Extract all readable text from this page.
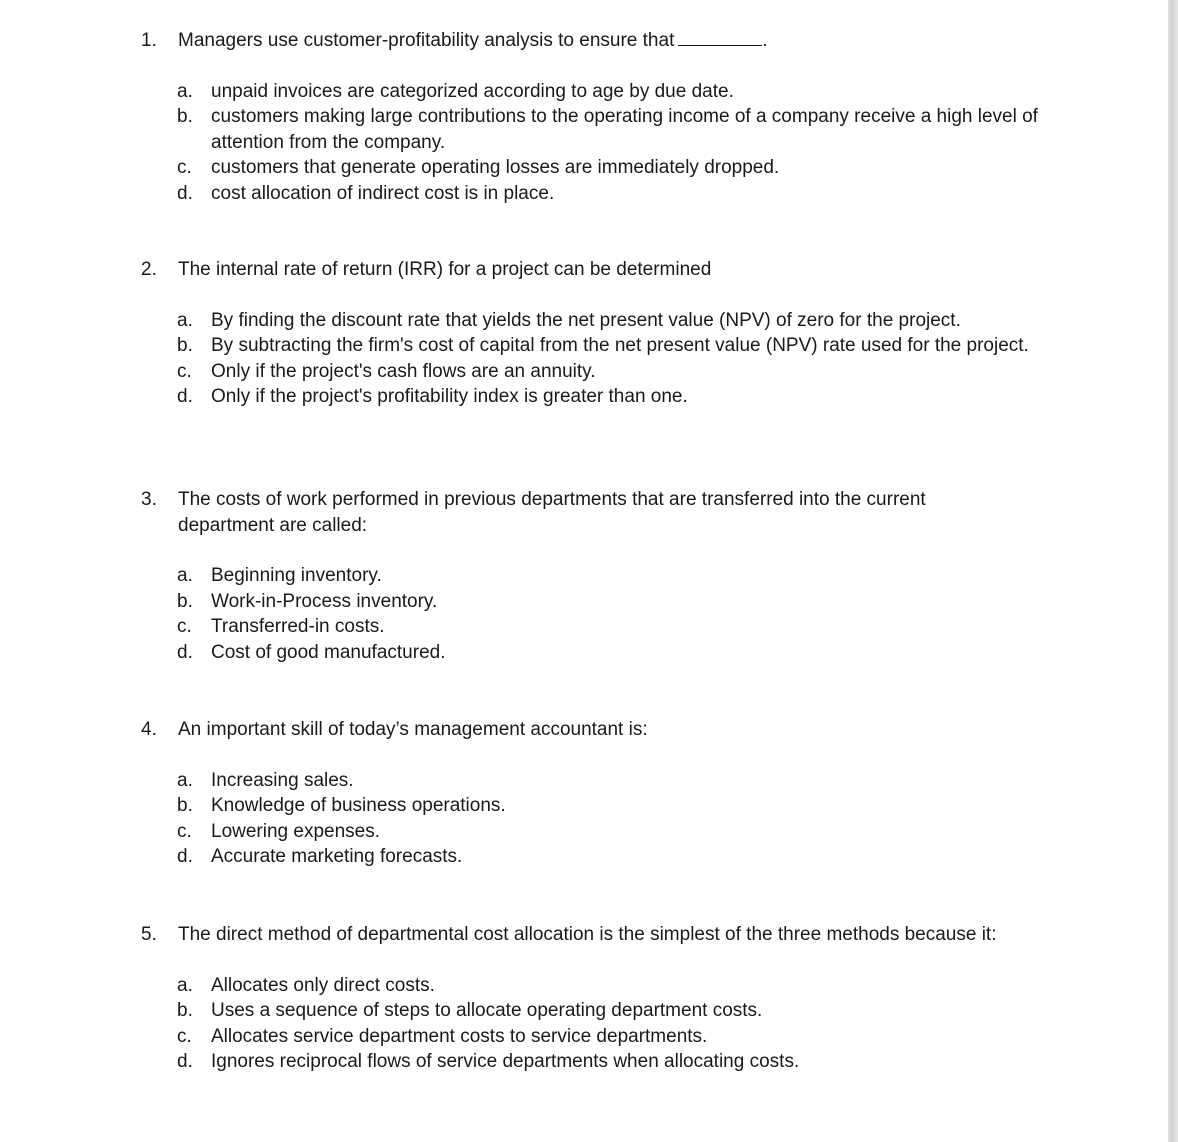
1.	Managers use customer-profitability analysis to ensure that	.
a. unpaid invoices are categorized according to age by due date.
b. customers making large contributions to the operating income of a company receive a high level of attention from the company.
c.	customers that generate operating losses are immediately dropped.
d. cost allocation of indirect cost is in place.
2.	The internal rate of return (IRR) for a project can be determined
a. By finding the discount rate that yields the net present value (NPV) of zero for the project.
b. By subtracting the firm's cost of capital from the net present value (NPV) rate used for the project.
c.	Only if the project's cash flows are an annuity.
d. Only if the project's profitability index is greater than one.
3.	The costs of work performed in previous departments that are transferred into the current department are called:
a. Beginning inventory.
b. Work-in-Process inventory.
c.	Transferred-in costs.
d. Cost of good manufactured.
4.	An important skill of today’s management accountant is:
a. Increasing sales.
b. Knowledge of business operations.
c.	Lowering expenses.
d. Accurate marketing forecasts.
5.	The direct method of departmental cost allocation is the simplest of the three methods because it:
a. Allocates only direct costs.
b. Uses a sequence of steps to allocate operating department costs.
c.	Allocates service department costs to service departments.
d. Ignores reciprocal flows of service departments when allocating costs.
